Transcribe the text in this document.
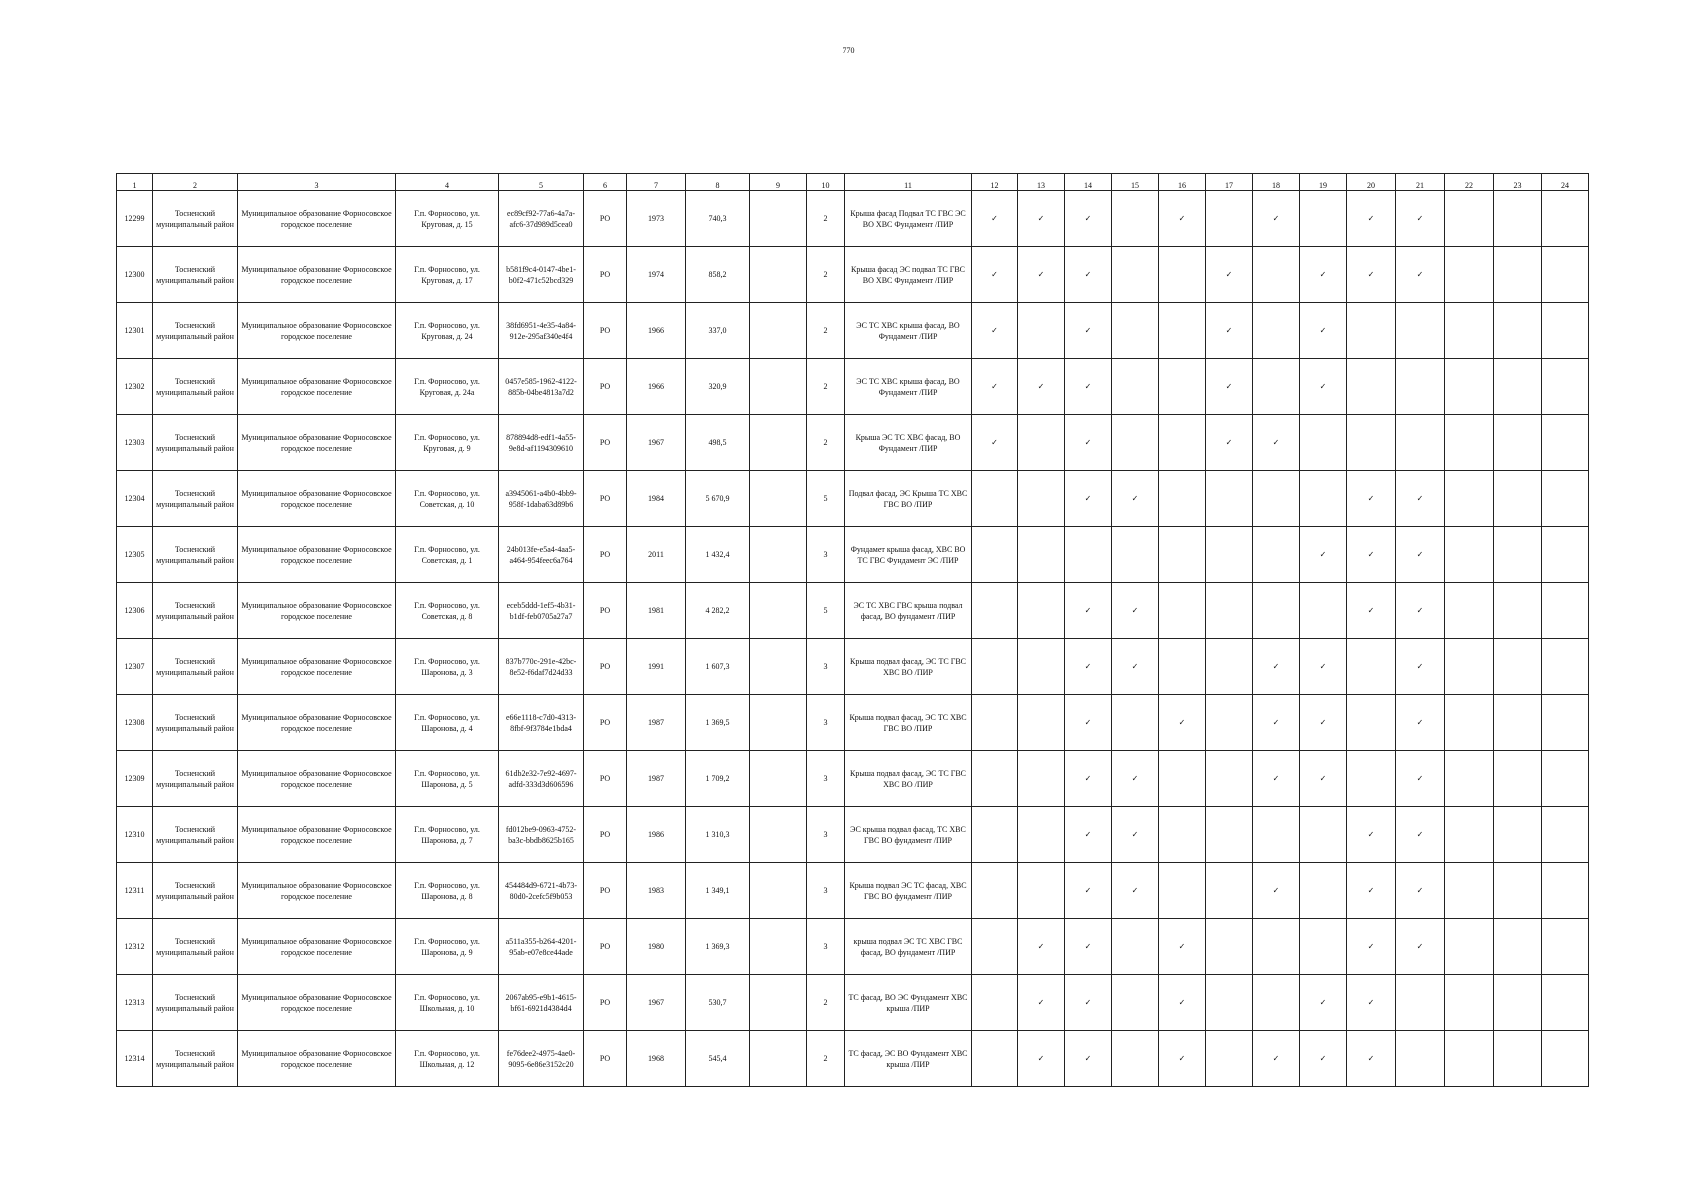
770
1	2	3	4	5	6	7	8	9	10	11	12	13	14	15	16	17	18	19	20	21	22	23	24
12299	Тосненский муниципальный район	Муниципальное образование Форносовское городское поселение	Г.п. Форносово, ул. Круговая, д. 15	ec89cf92-77a6-4a7a-afc6-37d989d5cea0	РО	1973	740,3		2	Крыша фасад Подвал ТС ГВС ЭС ВО ХВС Фундамент /ПИР	✓	✓	✓		✓		✓		✓	✓			
12300	Тосненский муниципальный район	Муниципальное образование Форносовское городское поселение	Г.п. Форносово, ул. Круговая, д. 17	b581f9c4-0147-4be1-b0f2-471c52bcd329	РО	1974	858,2		2	Крыша фасад ЭС подвал ТС ГВС ВО ХВС Фундамент /ПИР	✓	✓	✓			✓		✓	✓	✓			
12301	Тосненский муниципальный район	Муниципальное образование Форносовское городское поселение	Г.п. Форносово, ул. Круговая, д. 24	38fd6951-4e35-4a84-912e-295af340e4f4	РО	1966	337,0		2	ЭС ТС ХВС крыша фасад, ВО Фундамент /ПИР	✓		✓			✓		✓					
12302	Тосненский муниципальный район	Муниципальное образование Форносовское городское поселение	Г.п. Форносово, ул. Круговая, д. 24а	0457e585-1962-4122-885b-04be4813a7d2	РО	1966	320,9		2	ЭС ТС ХВС крыша фасад, ВО Фундамент /ПИР	✓	✓	✓			✓		✓					
12303	Тосненский муниципальный район	Муниципальное образование Форносовское городское поселение	Г.п. Форносово, ул. Круговая, д. 9	878894d8-edf1-4a55-9e8d-af1194309610	РО	1967	498,5		2	Крыша ЭС ТС ХВС фасад, ВО Фундамент /ПИР	✓		✓			✓	✓						
12304	Тосненский муниципальный район	Муниципальное образование Форносовское городское поселение	Г.п. Форносово, ул. Советская, д. 10	a3945061-a4b0-4bb9-958f-1daba63d89b6	РО	1984	5 670,9		5	Подвал фасад, ЭС Крыша ТС ХВС ГВС ВО /ПИР			✓	✓					✓	✓			
12305	Тосненский муниципальный район	Муниципальное образование Форносовское городское поселение	Г.п. Форносово, ул. Советская, д. 1	24b013fe-e5a4-4aa5-a464-954feec6a764	РО	2011	1 432,4		3	Фундамет крыша фасад, ХВС ВО ТС ГВС Фундамент ЭС /ПИР								✓	✓	✓			
12306	Тосненский муниципальный район	Муниципальное образование Форносовское городское поселение	Г.п. Форносово, ул. Советская, д. 8	eceb5ddd-1ef5-4b31-b1df-feb0705a27a7	РО	1981	4 282,2		5	ЭС ТС ХВС ГВС крыша подвал фасад, ВО фундамент /ПИР			✓	✓					✓	✓			
12307	Тосненский муниципальный район	Муниципальное образование Форносовское городское поселение	Г.п. Форносово, ул. Шаронова, д. 3	837b770c-291e-42bc-8e52-f6daf7d24d33	РО	1991	1 607,3		3	Крыша подвал фасад, ЭС ТС ГВС ХВС ВО /ПИР			✓	✓			✓	✓		✓			
12308	Тосненский муниципальный район	Муниципальное образование Форносовское городское поселение	Г.п. Форносово, ул. Шаронова, д. 4	e66e1118-c7d0-4313-8fbf-9f3784e1bda4	РО	1987	1 369,5		3	Крыша подвал фасад, ЭС ТС ХВС ГВС ВО /ПИР			✓		✓		✓	✓		✓			
12309	Тосненский муниципальный район	Муниципальное образование Форносовское городское поселение	Г.п. Форносово, ул. Шаронова, д. 5	61db2e32-7e92-4697-adfd-333d3d606596	РО	1987	1 709,2		3	Крыша подвал фасад, ЭС ТС ГВС ХВС ВО /ПИР			✓	✓			✓	✓		✓			
12310	Тосненский муниципальный район	Муниципальное образование Форносовское городское поселение	Г.п. Форносово, ул. Шаронова, д. 7	fd012be9-0963-4752-ba3c-bbdb8625b165	РО	1986	1 310,3		3	ЭС крыша подвал фасад, ТС ХВС ГВС ВО фундамент /ПИР			✓	✓					✓	✓			
12311	Тосненский муниципальный район	Муниципальное образование Форносовское городское поселение	Г.п. Форносово, ул. Шаронова, д. 8	454484d9-6721-4b73-80d0-2cefc5f9b053	РО	1983	1 349,1		3	Крыша подвал ЭС ТС фасад, ХВС ГВС ВО фундамент /ПИР			✓	✓			✓		✓	✓			
12312	Тосненский муниципальный район	Муниципальное образование Форносовское городское поселение	Г.п. Форносово, ул. Шаронова, д. 9	a511a355-b264-4201-95ab-e07e8ce44ade	РО	1980	1 369,3		3	крыша подвал ЭС ТС ХВС ГВС фасад, ВО фундамент /ПИР		✓	✓		✓				✓	✓			
12313	Тосненский муниципальный район	Муниципальное образование Форносовское городское поселение	Г.п. Форносово, ул. Школьная, д. 10	2067ab95-e9b1-4615-bf61-6921d4384d4	РО	1967	530,7		2	ТС фасад, ВО ЭС Фундамент ХВС крыша /ПИР		✓	✓		✓			✓	✓				
12314	Тосненский муниципальный район	Муниципальное образование Форносовское городское поселение	Г.п. Форносово, ул. Школьная, д. 12	fe76dee2-4975-4ae0-9095-6e86e3152c20	РО	1968	545,4		2	ТС фасад, ЭС ВО Фундамент ХВС крыша /ПИР		✓	✓		✓		✓	✓	✓				
